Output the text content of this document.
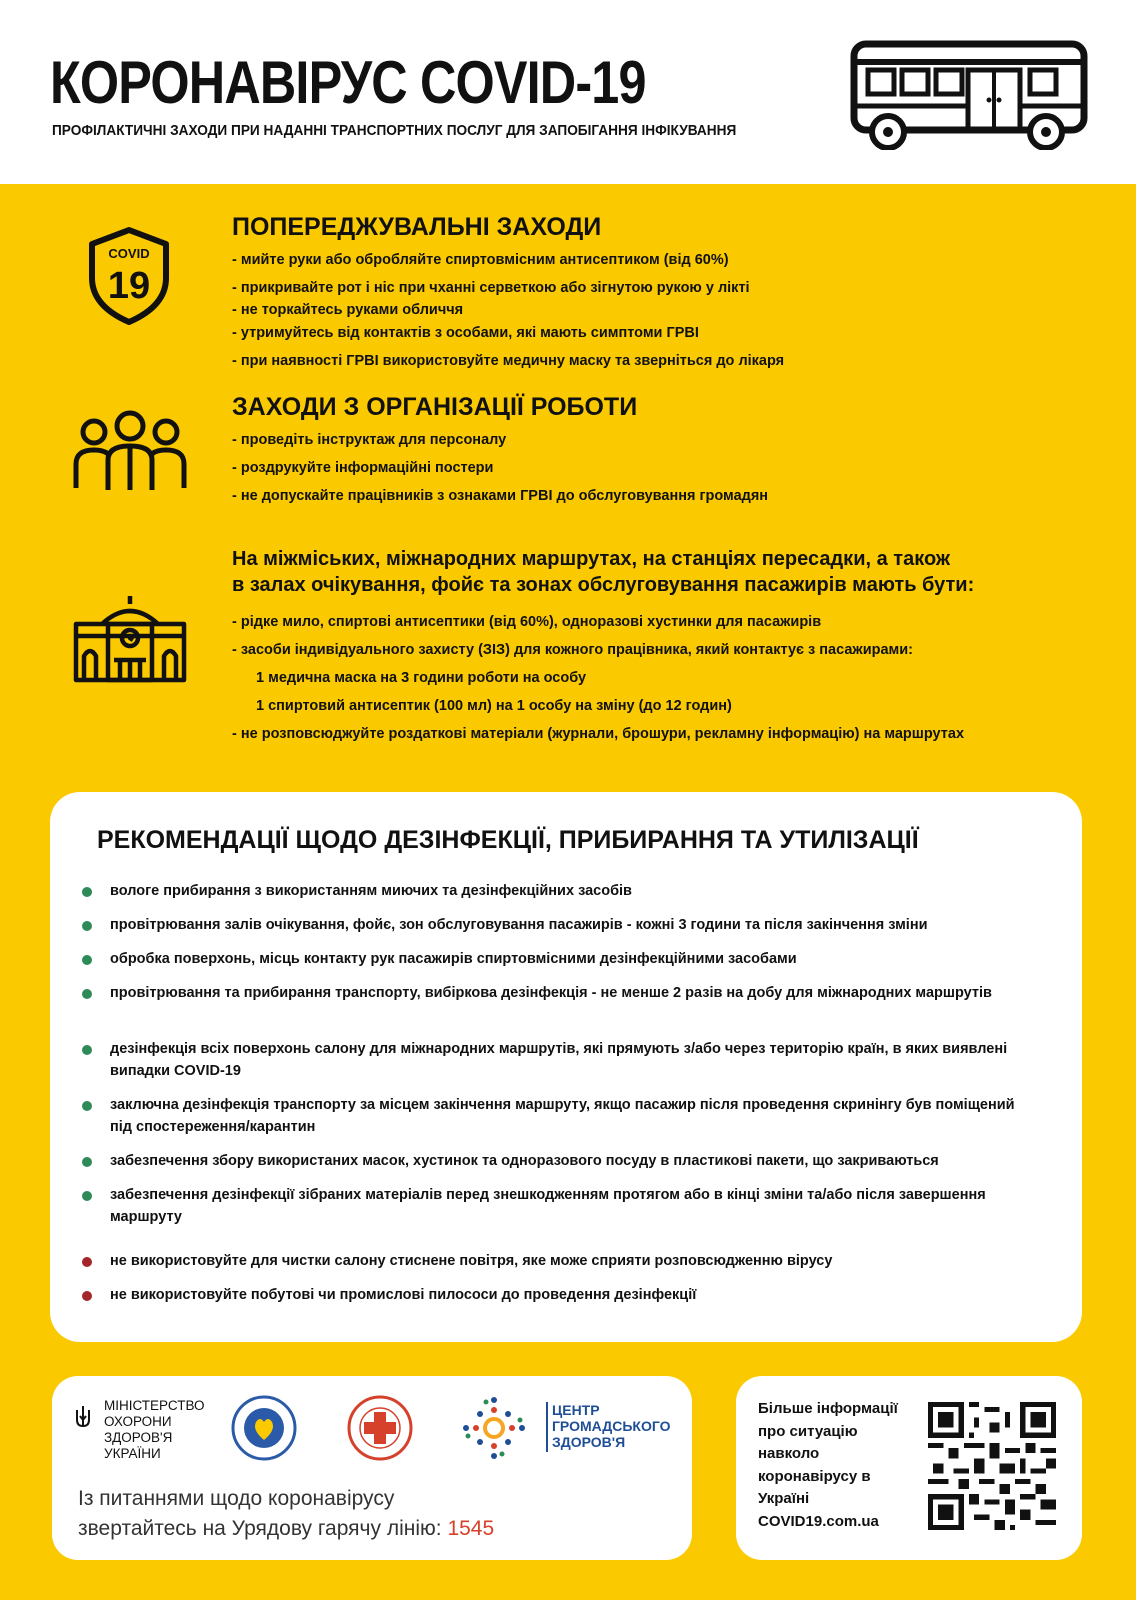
КОРОНАВІРУС COVID-19
ПРОФІЛАКТИЧНІ ЗАХОДИ ПРИ НАДАННІ ТРАНСПОРТНИХ ПОСЛУГ ДЛЯ ЗАПОБІГАННЯ ІНФІКУВАННЯ
COVID
19
ПОПЕРЕДЖУВАЛЬНІ ЗАХОДИ
- мийте руки або обробляйте спиртовмісним антисептиком (від 60%)
- прикривайте рот і ніс при чханні серветкою або зігнутою рукою у лікті
- не торкайтесь руками обличчя
- утримуйтесь від контактів з особами, які мають симптоми ГРВІ
- при наявності ГРВІ використовуйте медичну маску та зверніться до лікаря
ЗАХОДИ З ОРГАНІЗАЦІЇ РОБОТИ
- проведіть інструктаж для персоналу
- роздрукуйте інформаційні постери
- не допускайте працівників з ознаками ГРВІ до обслуговування громадян
На міжміських, міжнародних маршрутах, на станціях пересадки, а також
в залах очікування, фойє та зонах обслуговування пасажирів мають бути:
- рідке мило, спиртові антисептики (від 60%), одноразові хустинки для пасажирів
- засоби індивідуального захисту (ЗІЗ) для кожного працівника, який контактує з пасажирами:
1 медична маска на 3 години роботи на особу
1 спиртовий антисептик (100 мл) на 1 особу на зміну (до 12 годин)
- не розповсюджуйте роздаткові матеріали (журнали, брошури, рекламну інформацію) на маршрутах
РЕКОМЕНДАЦІЇ ЩОДО ДЕЗІНФЕКЦІЇ, ПРИБИРАННЯ ТА УТИЛІЗАЦІЇ
вологе прибирання з використанням миючих та дезінфекційних засобів
провітрювання залів очікування, фойє, зон обслуговування пасажирів - кожні 3 години та після закінчення зміни
обробка поверхонь, місць контакту рук пасажирів спиртовмісними дезінфекційними засобами
провітрювання та прибирання транспорту, вибіркова дезінфекція - не менше 2 разів на добу для міжнародних маршрутів
дезінфекція всіх поверхонь салону для міжнародних маршрутів, які прямують з/або через територію країн, в яких виявлені випадки COVID-19
заключна дезінфекція транспорту за місцем закінчення маршруту, якщо пасажир після проведення скринінгу був поміщений під спостереження/карантин
забезпечення збору використаних масок, хустинок та одноразового посуду в пластикові пакети, що закриваються
забезпечення дезінфекції зібраних матеріалів перед знешкодженням протягом або в кінці зміни та/або після завершення маршруту
не використовуйте для чистки салону стиснене повітря, яке може сприяти розповсюдженню вірусу
не використовуйте побутові чи промислові пилососи до проведення дезінфекції
МІНІСТЕРСТВО
ОХОРОНИ
ЗДОРОВ'Я
УКРАЇНИ
ЦЕНТР
ГРОМАДСЬКОГО
ЗДОРОВ'Я
Із питаннями щодо коронавірусу
звертайтесь на Урядову гарячу лінію: 1545
Більше інформації про ситуацію навколо коронавірусу в Україні COVID19.com.ua
